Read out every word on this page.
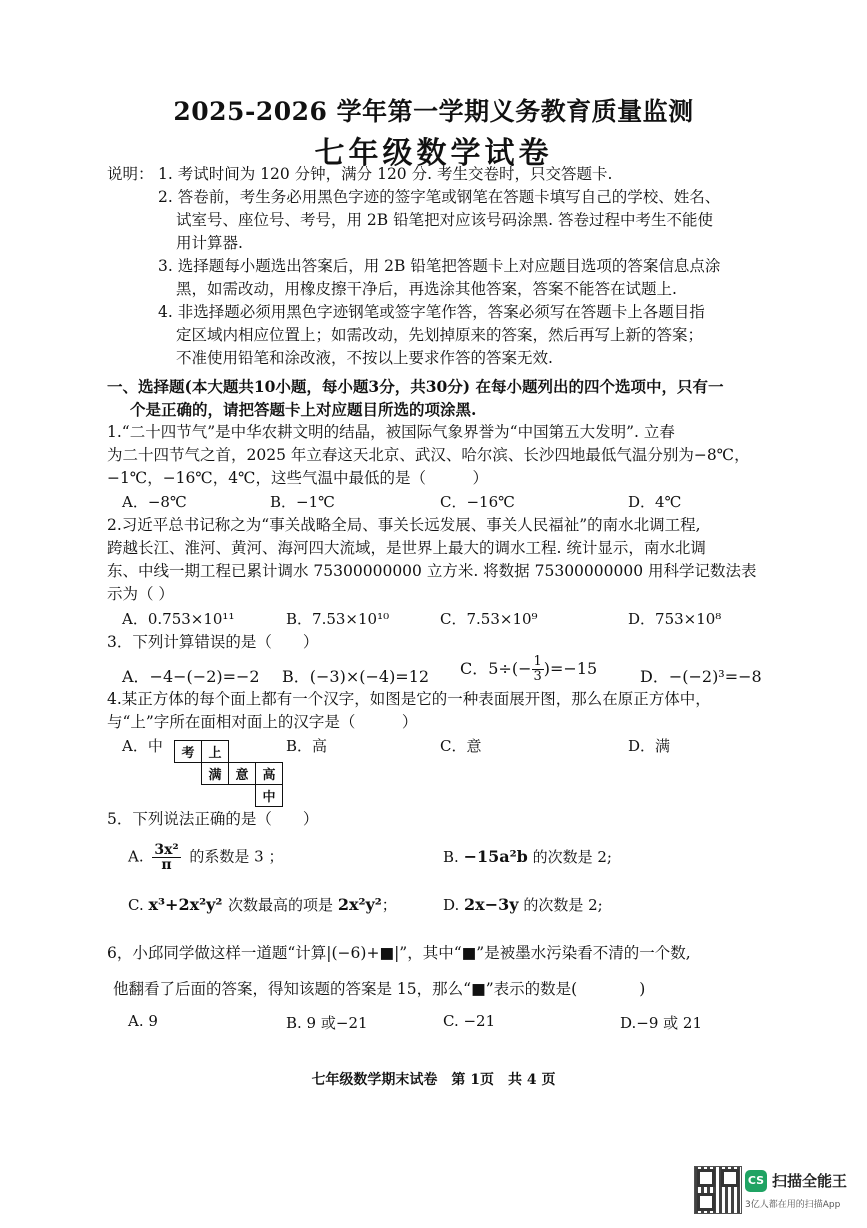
2025-2026 学年第一学期义务教育质量监测
七年级数学试卷
说明： 1. 考试时间为 120 分钟，满分 120 分. 考生交卷时，只交答题卡.
2. 答卷前，考生务必用黑色字迹的签字笔或钢笔在答题卡填写自己的学校、姓名、
试室号、座位号、考号，用 2B 铅笔把对应该号码涂黑. 答卷过程中考生不能使
用计算器.
3. 选择题每小题选出答案后，用 2B 铅笔把答题卡上对应题目选项的答案信息点涂
黑，如需改动，用橡皮擦干净后，再选涂其他答案，答案不能答在试题上.
4. 非选择题必须用黑色字迹钢笔或签字笔作答，答案必须写在答题卡上各题目指
定区域内相应位置上；如需改动，先划掉原来的答案，然后再写上新的答案；
不准使用铅笔和涂改液，不按以上要求作答的答案无效.
一、选择题(本大题共10小题，每小题3分，共30分) 在每小题列出的四个选项中，只有一
个是正确的，请把答题卡上对应题目所选的项涂黑.
1.“二十四节气”是中华农耕文明的结晶，被国际气象界誉为“中国第五大发明”. 立春
为二十四节气之首，2025 年立春这天北京、武汉、哈尔滨、长沙四地最低气温分别为−8℃，
−1℃，−16℃，4℃，这些气温中最低的是（　　　）
A．−8℃	B．−1℃	C．−16℃	D．4℃
2.习近平总书记称之为“事关战略全局、事关长远发展、事关人民福祉”的南水北调工程,
跨越长江、淮河、黄河、海河四大流域，是世界上最大的调水工程. 统计显示，南水北调
东、中线一期工程已累计调水 75300000000 立方米. 将数据 75300000000 用科学记数法表
示为（ ）
A．0.753×10¹¹	B．7.53×10¹⁰	C．7.53×10⁹	D．753×10⁸
3．下列计算错误的是（　　）
A．−4−(−2)=−2 B．(−3)×(−4)=12 C．$5\div(- \frac{1}{3} )=-15$	D．−(−2)³=−8
4.某正方体的每个面上都有一个汉字，如图是它的一种表面展开图，那么在原正方体中，
与“上”字所在面相对面上的汉字是（　　　）
A．中	B．高	C．意	D．满
考	上		
	满	意	高
			中
5．下列说法正确的是（　　）
A. $\frac{\text{3x²}}{\pi}$ 的系数是 3 ；	B. −15a²b 的次数是 2;
C. x³+2x²y² 次数最高的项是 2x²y²；	D. 2x−3y 的次数是 2;
6，小邱同学做这样一道题“计算|(−6)+■|”，其中“■”是被墨水污染看不清的一个数,
他翻看了后面的答案，得知该题的答案是 15，那么“■”表示的数是(　　　　)
A. 9	B. 9 或−21	C. −21	D.−9 或 21
七年级数学期末试卷　第 1页　共 4 页
CS 扫描全能王
3亿人都在用的扫描App
